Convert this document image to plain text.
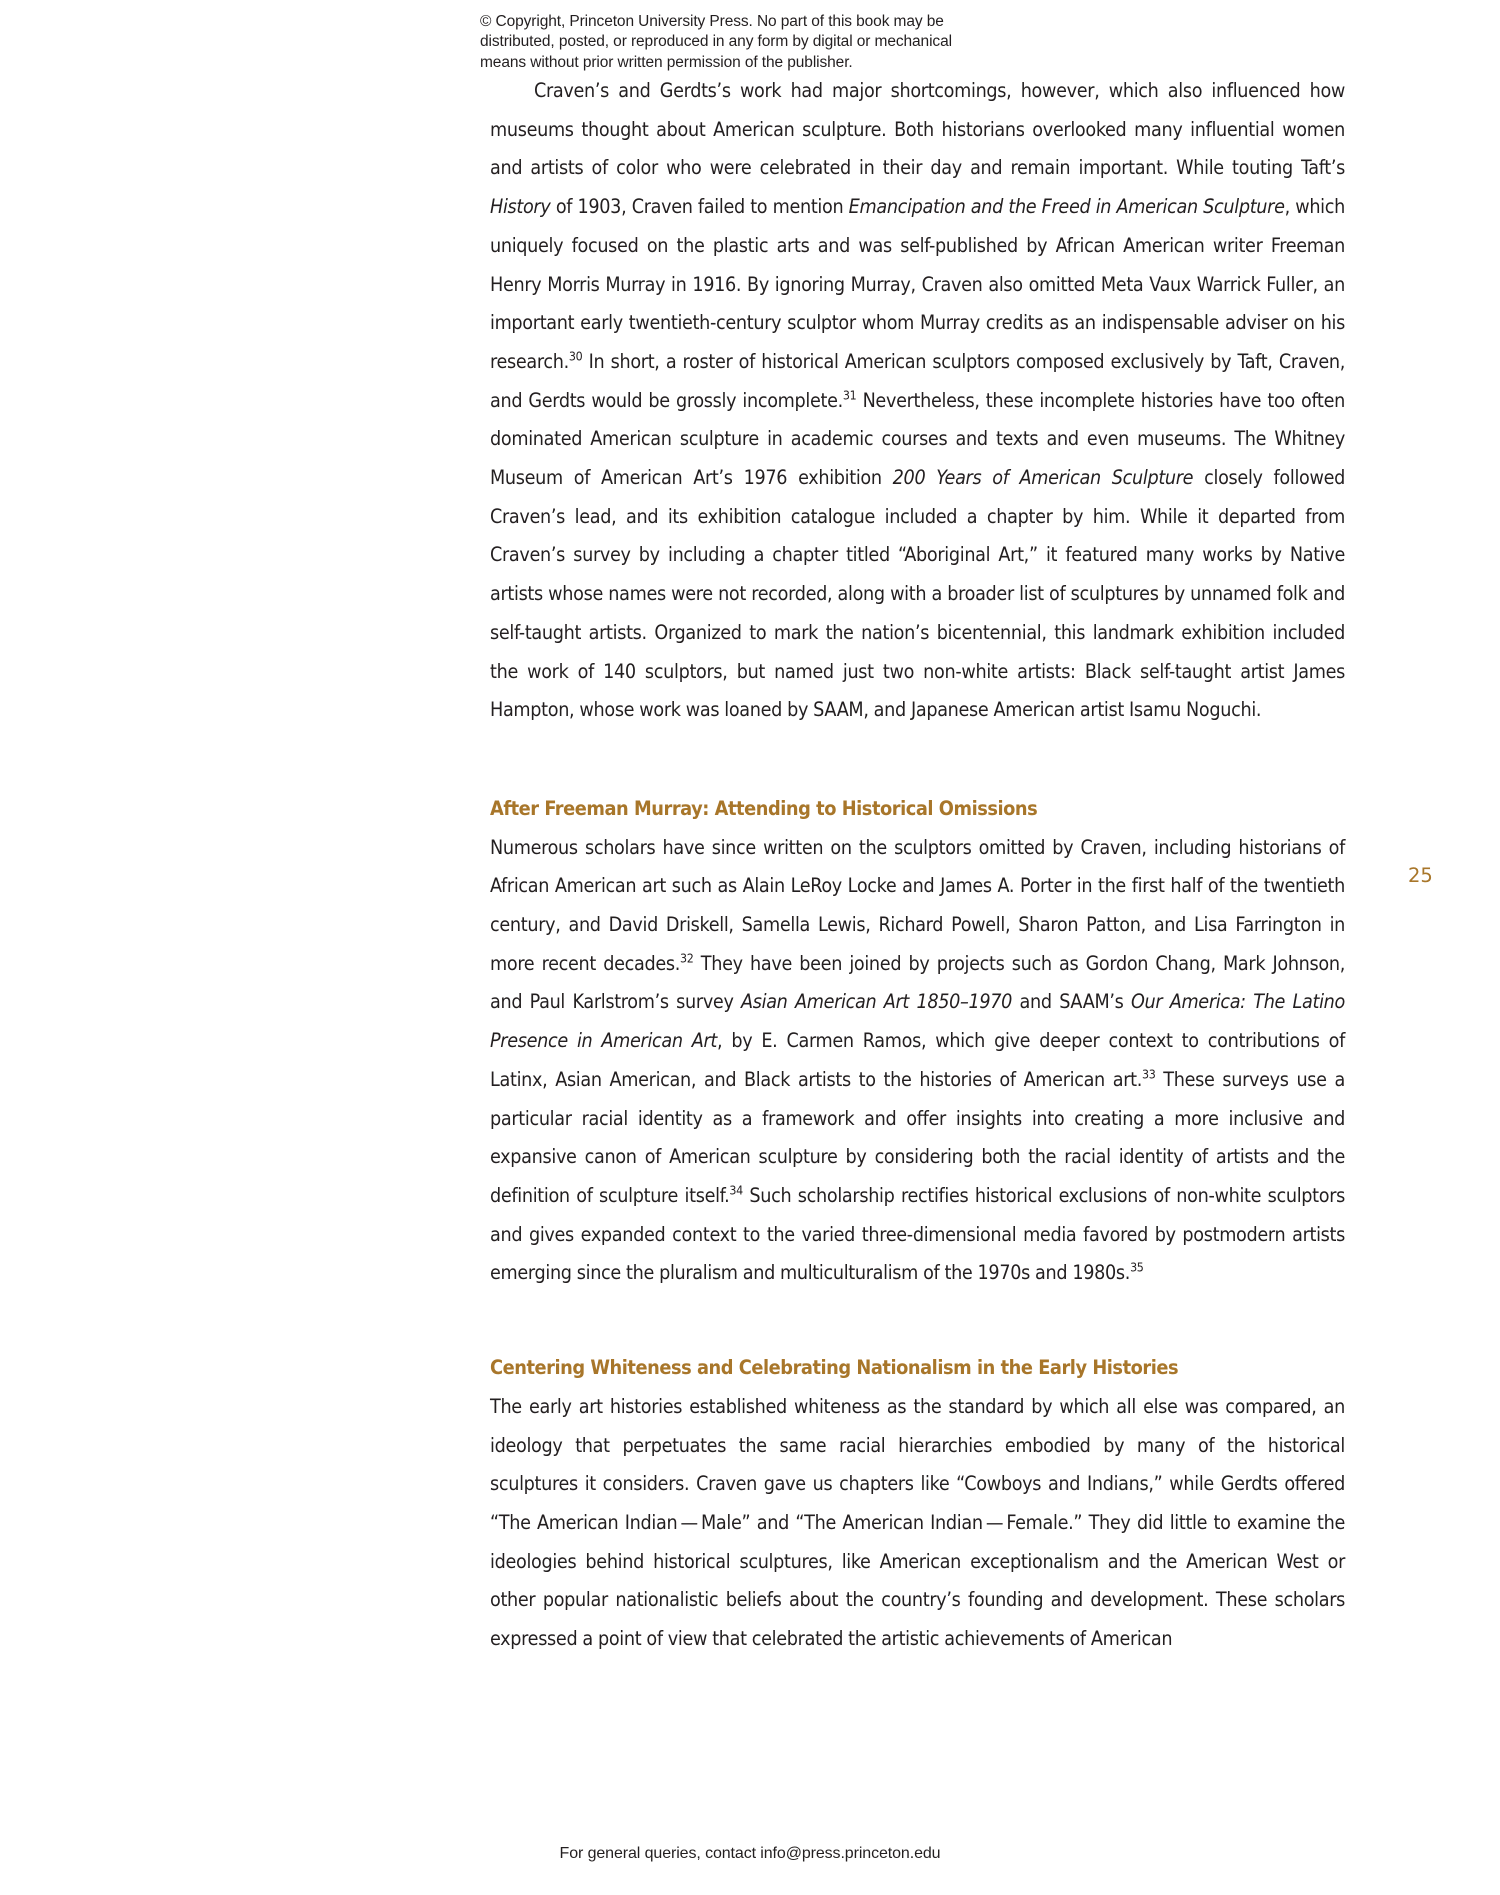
© Copyright, Princeton University Press. No part of this book may be
distributed, posted, or reproduced in any form by digital or mechanical
means without prior written permission of the publisher.

Craven’s and Gerdts’s work had major shortcomings, however, which also influenced how museums thought about American sculpture. Both historians overlooked many influential women and artists of color who were celebrated in their day and remain important. While touting Taft’s History of 1903, Craven failed to mention Emancipation and the Freed in American Sculpture, which uniquely focused on the plastic arts and was self-published by African American writer Freeman Henry Morris Murray in 1916. By ignoring Murray, Craven also omitted Meta Vaux Warrick Fuller, an important early twentieth-century sculptor whom Murray credits as an indispensable adviser on his research.$^{30}$ In short, a roster of historical American sculptors composed exclusively by Taft, Craven, and Gerdts would be grossly incomplete.$^{31}$ Nevertheless, these incomplete histories have too often dominated American sculpture in academic courses and texts and even museums. The Whitney Museum of American Art’s 1976 exhibition 200 Years of American Sculpture closely followed Craven’s lead, and its exhibition catalogue included a chapter by him. While it departed from Craven’s survey by including a chapter titled “Aboriginal Art,” it featured many works by Native artists whose names were not recorded, along with a broader list of sculptures by unnamed folk and self-taught artists. Organized to mark the nation’s bicentennial, this landmark exhibition included the work of 140 sculptors, but named just two non-white artists: Black self-taught artist James Hampton, whose work was loaned by SAAM, and Japanese American artist Isamu Noguchi.

After Freeman Murray: Attending to Historical Omissions

Numerous scholars have since written on the sculptors omitted by Craven, including historians of African American art such as Alain LeRoy Locke and James A. Porter in the first half of the twentieth century, and David Driskell, Samella Lewis, Richard Powell, Sharon Patton, and Lisa Farrington in more recent decades.$^{32}$ They have been joined by projects such as Gordon Chang, Mark Johnson, and Paul Karlstrom’s survey Asian American Art 1850–1970 and SAAM’s Our America: The Latino Presence in American Art, by E. Carmen Ramos, which give deeper context to contributions of Latinx, Asian American, and Black artists to the histories of American art.$^{33}$ These surveys use a particular racial identity as a framework and offer insights into creating a more inclusive and expansive canon of American sculpture by considering both the racial identity of artists and the definition of sculpture itself.$^{34}$ Such scholarship rectifies historical exclusions of non-white sculptors and gives expanded context to the varied three-dimensional media favored by postmodern artists emerging since the pluralism and multiculturalism of the 1970s and 1980s.$^{35}$

Centering Whiteness and Celebrating Nationalism in the Early Histories

The early art histories established whiteness as the standard by which all else was compared, an ideology that perpetuates the same racial hierarchies embodied by many of the historical sculptures it considers. Craven gave us chapters like “Cowboys and Indians,” while Gerdts offered “The American Indian — Male” and “The American Indian — Female.” They did little to examine the ideologies behind historical sculptures, like American exceptionalism and the American West or other popular nationalistic beliefs about the country’s founding and development. These scholars expressed a point of view that celebrated the artistic achievements of American

25
For general queries, contact info@press.princeton.edu
